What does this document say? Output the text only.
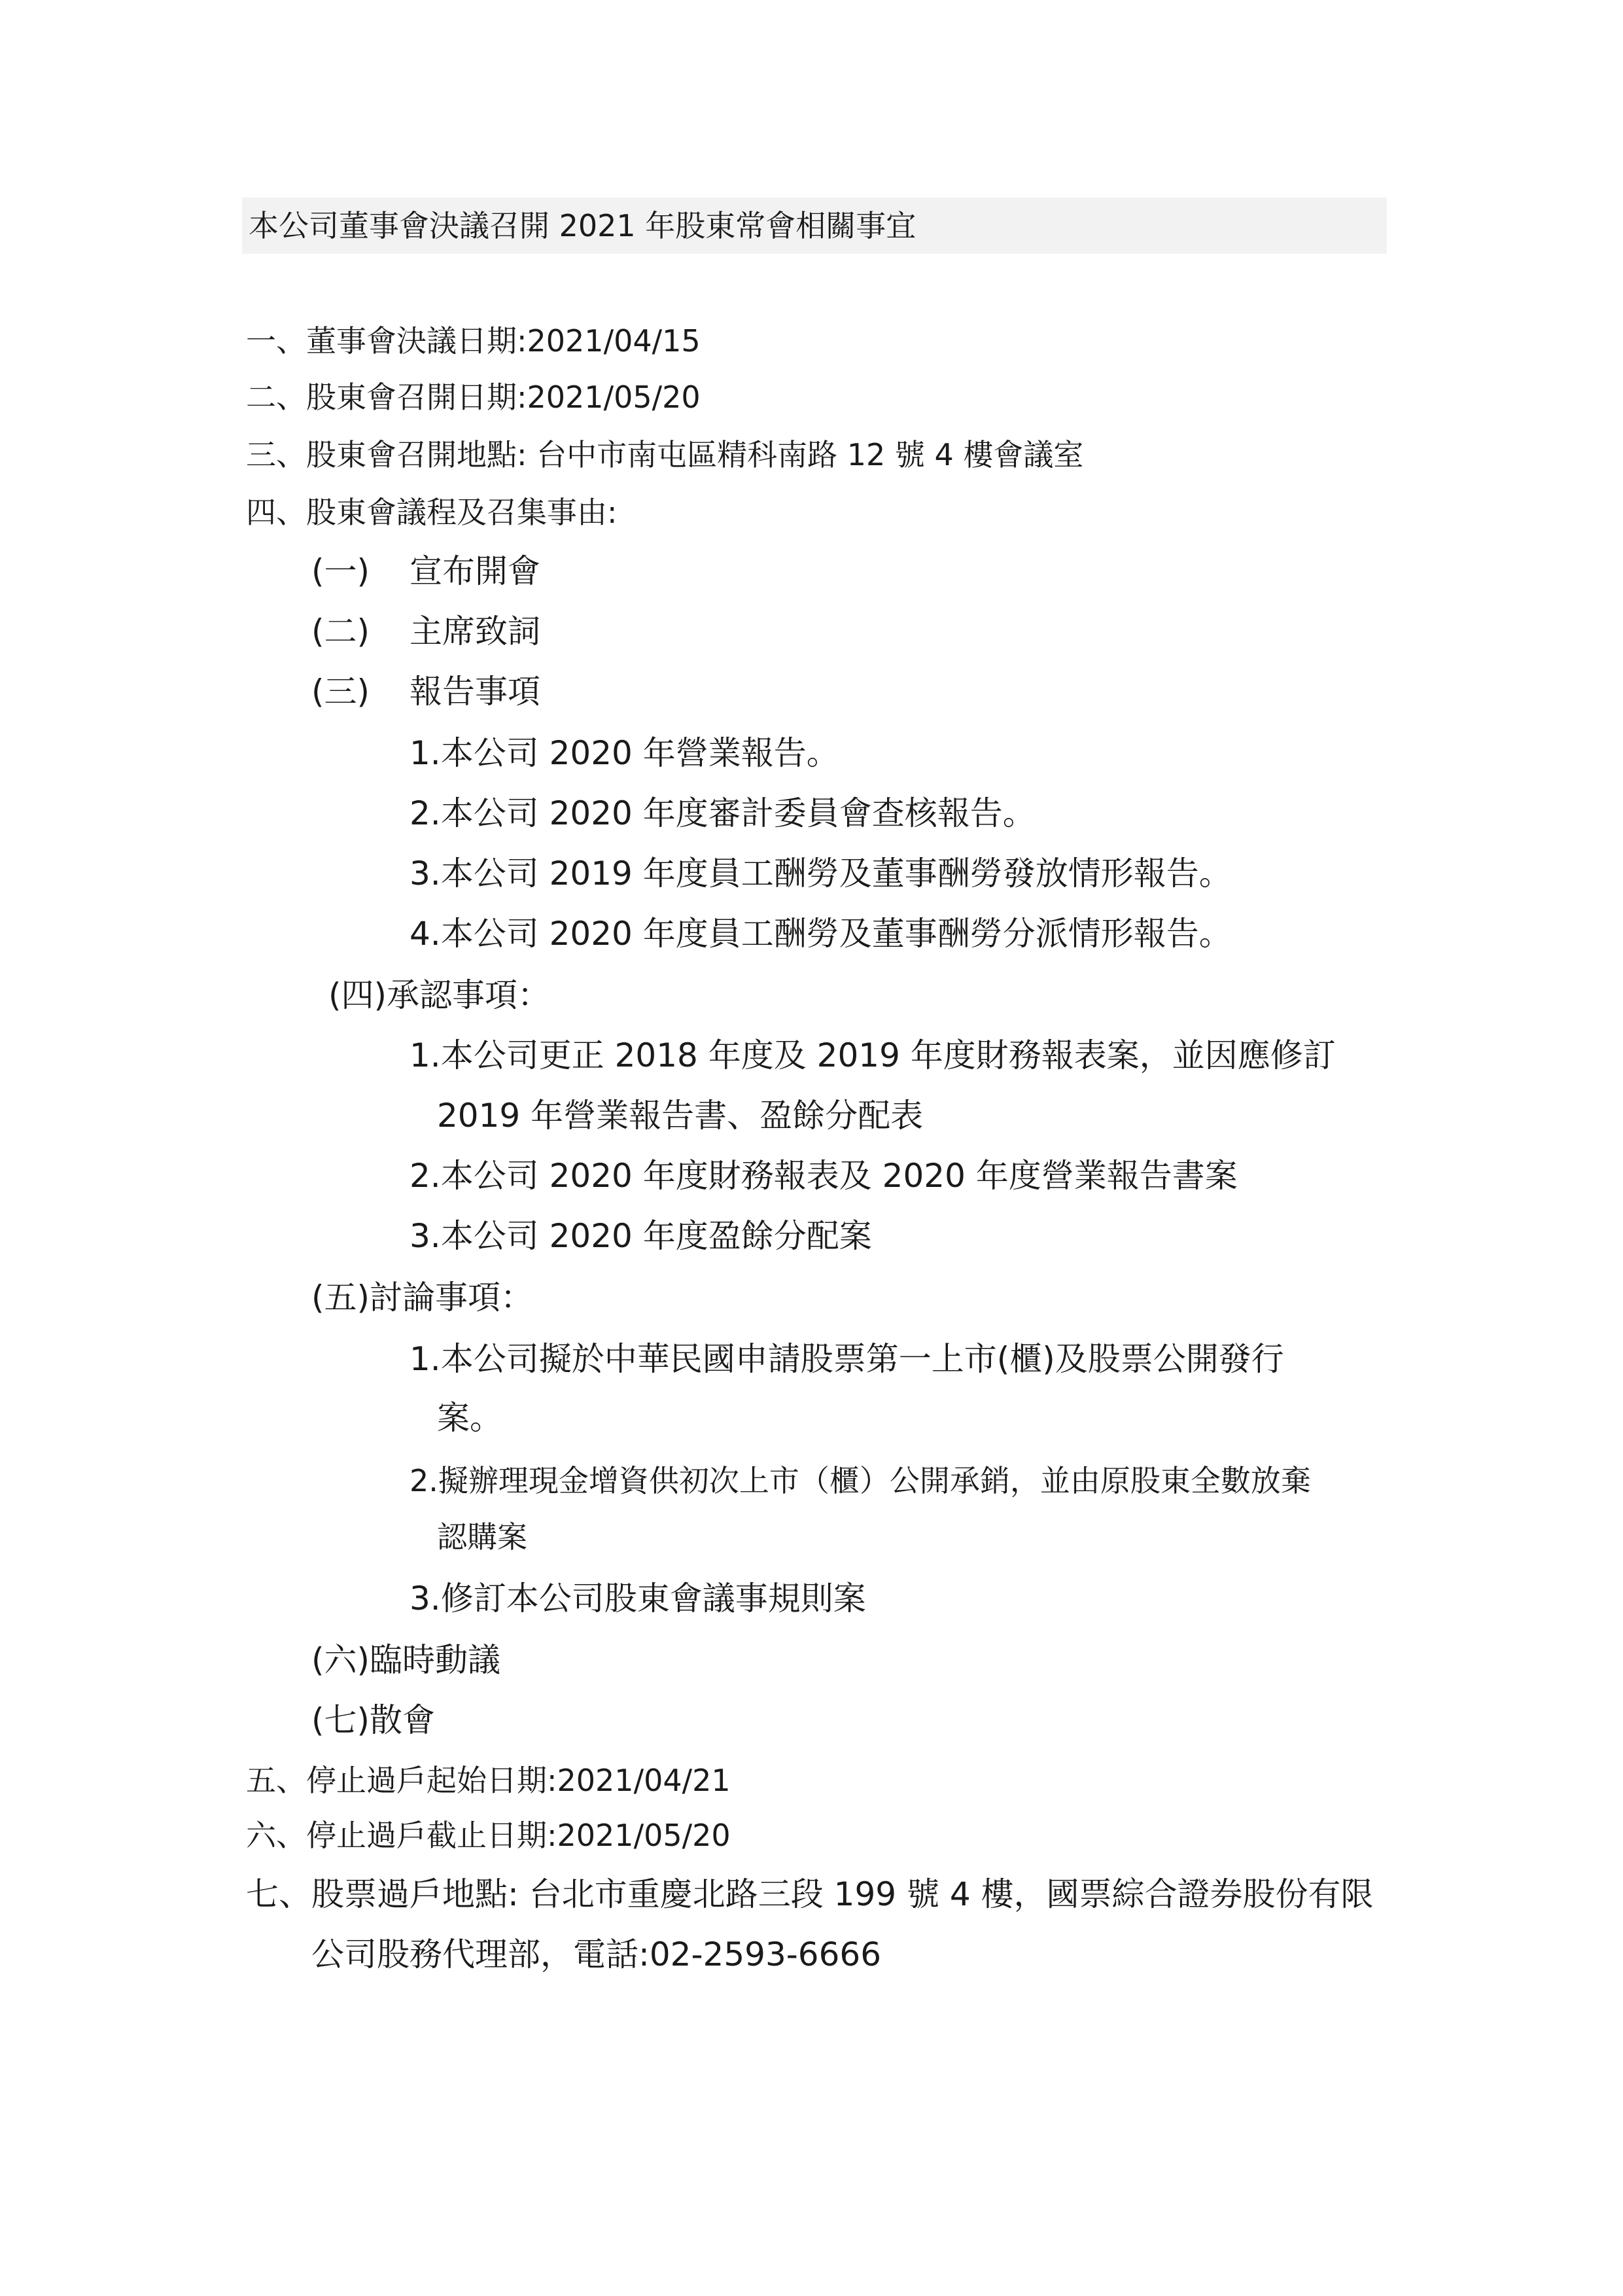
本公司董事會決議召開 2021 年股東常會相關事宜
一、董事會決議日期:2021/04/15
二、股東會召開日期:2021/05/20
三、股東會召開地點: 台中市南屯區精科南路 12 號 4 樓會議室
四、股東會議程及召集事由:
(一) 宣布開會
(二) 主席致詞
(三) 報告事項
1.本公司 2020 年營業報告。
2.本公司 2020 年度審計委員會查核報告。
3.本公司 2019 年度員工酬勞及董事酬勞發放情形報告。
4.本公司 2020 年度員工酬勞及董事酬勞分派情形報告。
(四)承認事項：
1.本公司更正 2018 年度及 2019 年度財務報表案，並因應修訂
2019 年營業報告書、盈餘分配表
2.本公司 2020 年度財務報表及 2020 年度營業報告書案
3.本公司 2020 年度盈餘分配案
(五)討論事項：
1.本公司擬於中華民國申請股票第一上市(櫃)及股票公開發行
案。
2.擬辦理現金增資供初次上市（櫃）公開承銷，並由原股東全數放棄
認購案
3.修訂本公司股東會議事規則案
(六)臨時動議
(七)散會
五、停止過戶起始日期:2021/04/21
六、停止過戶截止日期:2021/05/20
七、股票過戶地點: 台北市重慶北路三段 199 號 4 樓，國票綜合證券股份有限
公司股務代理部，電話:02-2593-6666
